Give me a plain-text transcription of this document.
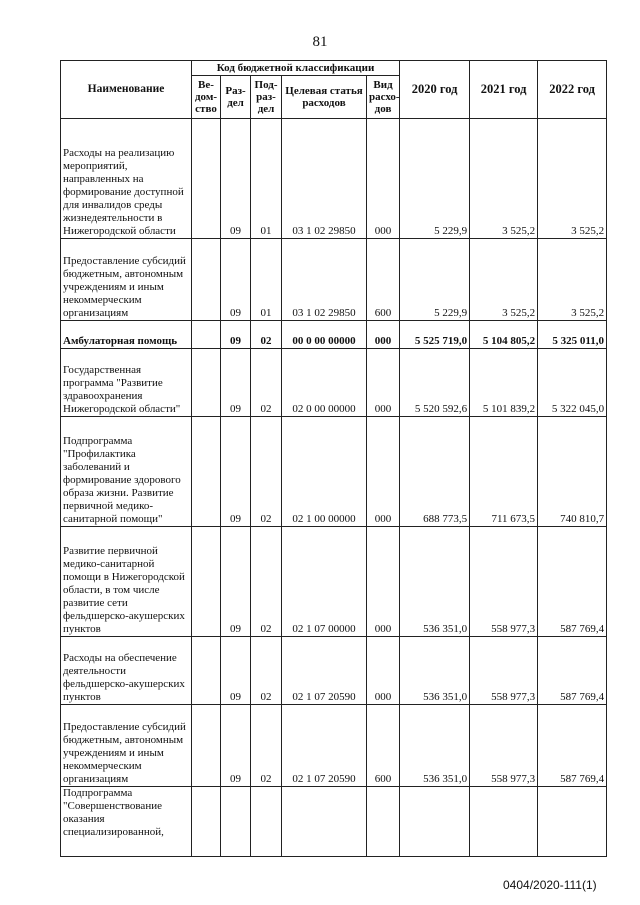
81
Наименование	Код бюджетной классификации					2020 год	2021 год	2022 год
	Ве-дом-ство	Раз-дел	Под-раз-дел	Целевая статья расходов	Вид расхо-дов			
Расходы на реализацию мероприятий, направленных на формирование доступной для инвалидов среды жизнедеятельности в Нижегородской области		09	01	03 1 02 29850	000	5 229,9	3 525,2	3 525,2
Предоставление субсидий бюджетным, автономным учреждениям и иным некоммерческим организациям		09	01	03 1 02 29850	600	5 229,9	3 525,2	3 525,2
Амбулаторная помощь		09	02	00 0 00 00000	000	5 525 719,0	5 104 805,2	5 325 011,0
Государственная программа "Развитие здравоохранения Нижегородской области"		09	02	02 0 00 00000	000	5 520 592,6	5 101 839,2	5 322 045,0
Подпрограмма "Профилактика заболеваний и формирование здорового образа жизни. Развитие первичной медико-санитарной помощи"		09	02	02 1 00 00000	000	688 773,5	711 673,5	740 810,7
Развитие первичной медико-санитарной помощи в Нижегородской области, в том числе развитие сети фельдшерско-акушерских пунктов		09	02	02 1 07 00000	000	536 351,0	558 977,3	587 769,4
Расходы на обеспечение деятельности фельдшерско-акушерских пунктов		09	02	02 1 07 20590	000	536 351,0	558 977,3	587 769,4
Предоставление субсидий бюджетным, автономным учреждениям и иным некоммерческим организациям		09	02	02 1 07 20590	600	536 351,0	558 977,3	587 769,4
Подпрограмма "Совершенствование оказания специализированной,								
0404/2020-111(1)
